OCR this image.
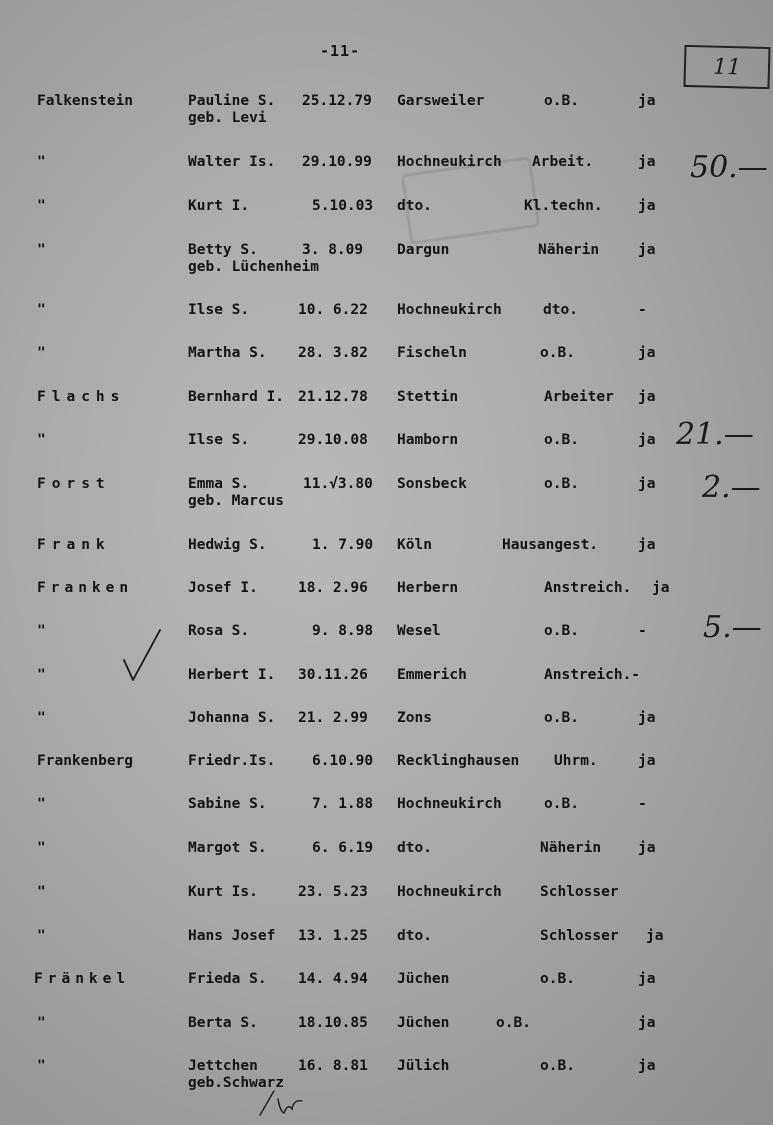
-11-
11
Falkenstein	Pauline S. 25.12.79 Garsweiler	o.B.	ja
geb. Levi
"	Walter Is. 29.10.99 Hochneukirch Arbeit.	ja
"	Kurt I.	5.10.03 dto.	Kl.techn. ja
"	Betty S.	3. 8.09 Dargun	Näherin	ja
geb. Lüchenheim
"	Ilse S.	10. 6.22 Hochneukirch	dto.	-
"	Martha S. 28. 3.82 Fischeln	o.B.	ja
Flachs	Bernhard I. 21.12.78 Stettin	Arbeiter ja
"	Ilse S.	29.10.08 Hamborn	o.B.	ja
Forst	Emma S.	11.√3.80 Sonsbeck	o.B.	ja
geb. Marcus
Frank	Hedwig S.	1. 7.90 Köln	Hausangest.	ja
Franken	Josef I.	18. 2.96 Herbern	Anstreich. ja
"	Rosa S.	9. 8.98 Wesel	o.B.	-
"	Herbert I. 30.11.26 Emmerich	Anstreich.-
"	Johanna S. 21. 2.99 Zons	o.B.	ja
Frankenberg	Friedr.Is.	6.10.90 Recklinghausen Uhrm.	ja
"	Sabine S.	7. 1.88 Hochneukirch	o.B.	-
"	Margot S.	6. 6.19 dto.	Näherin	ja
"	Kurt Is.	23. 5.23 Hochneukirch	Schlosser
"	Hans Josef 13. 1.25 dto.	Schlosser ja
Fränkel	Frieda S. 14. 4.94 Jüchen	o.B.	ja
"	Berta S.	18.10.85 Jüchen	o.B.	ja
"	Jettchen	16. 8.81 Jülich	o.B.	ja
geb.Schwarz
50.—
21.—
2.—
5.—
